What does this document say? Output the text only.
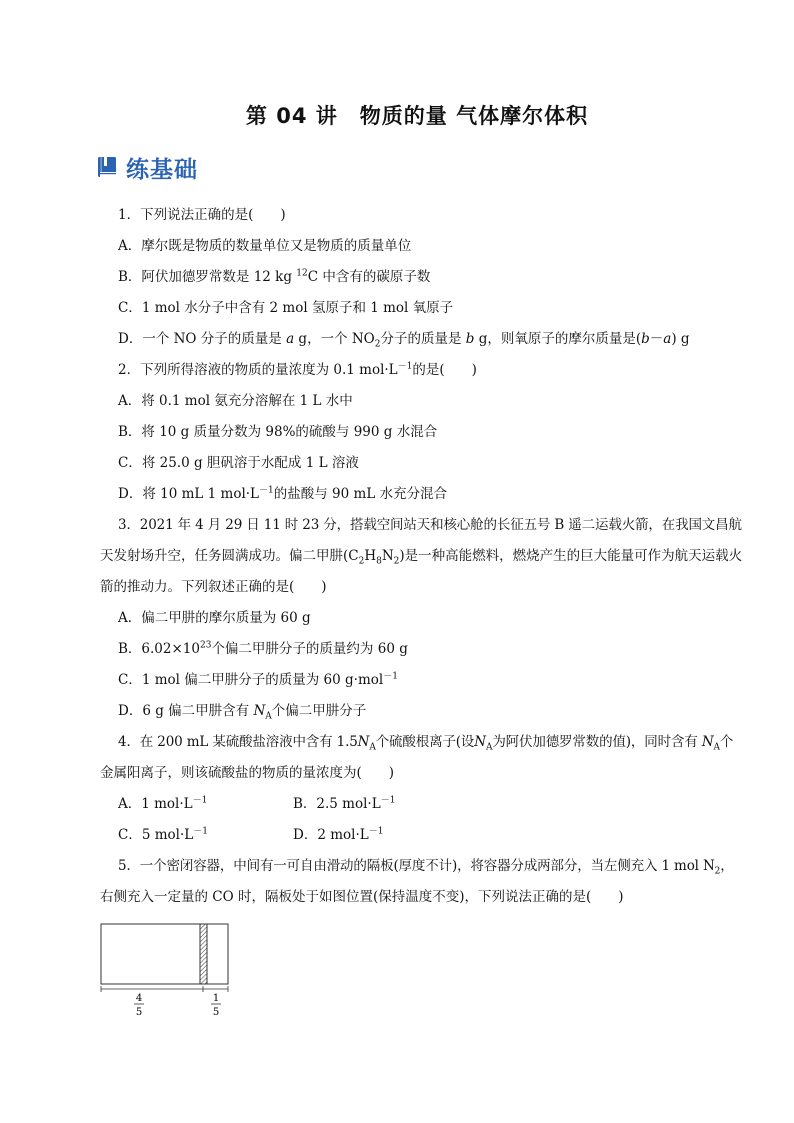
第 04 讲　物质的量 气体摩尔体积
练基础
1．下列说法正确的是(　　)
A．摩尔既是物质的数量单位又是物质的质量单位
B．阿伏加德罗常数是 12 kg $^{12}$C 中含有的碳原子数
C．1 mol 水分子中含有 2 mol 氢原子和 1 mol 氧原子
D．一个 NO 分子的质量是 a g，一个 $NO_2$分子的质量是 b g，则氧原子的摩尔质量是(b－a) g
2．下列所得溶液的物质的量浓度为 0.1 $mol\cdot L^{-1}$的是(　　)
A．将 0.1 mol 氨充分溶解在 1 L 水中
B．将 10 g 质量分数为 98%的硫酸与 990 g 水混合
C．将 25.0 g 胆矾溶于水配成 1 L 溶液
D．将 10 mL 1 $mol\cdot L^{-1}$的盐酸与 90 mL 水充分混合
3．2021 年 4 月 29 日 11 时 23 分，搭载空间站天和核心舱的长征五号 B 遥二运载火箭，在我国文昌航
天发射场升空，任务圆满成功。偏二甲肼$(C_2H_8N_2)$是一种高能燃料，燃烧产生的巨大能量可作为航天运载火
箭的推动力。下列叙述正确的是(　　)
A．偏二甲肼的摩尔质量为 60 g
B．$6.02\times 10^{23}$个偏二甲肼分子的质量约为 60 g
C．1 mol 偏二甲肼分子的质量为 60 g·mol$^{-1}$
D．6 g 偏二甲肼含有 $N_A$个偏二甲肼分子
4．在 200 mL 某硫酸盐溶液中含有 $1.5N_A$个硫酸根离子(设$N_A$为阿伏加德罗常数的值)，同时含有 $N_A$个
金属阳离子，则该硫酸盐的物质的量浓度为(　　)
A．1 $mol\cdot L^{-1}$	B．2.5 $mol\cdot L^{-1}$
C．5 $mol\cdot L^{-1}$	D．2 $mol\cdot L^{-1}$
5．一个密闭容器，中间有一可自由滑动的隔板(厚度不计)，将容器分成两部分，当左侧充入 1 mol $N_2$，
右侧充入一定量的 CO 时，隔板处于如图位置(保持温度不变)，下列说法正确的是(　　)
4
5
1
5
